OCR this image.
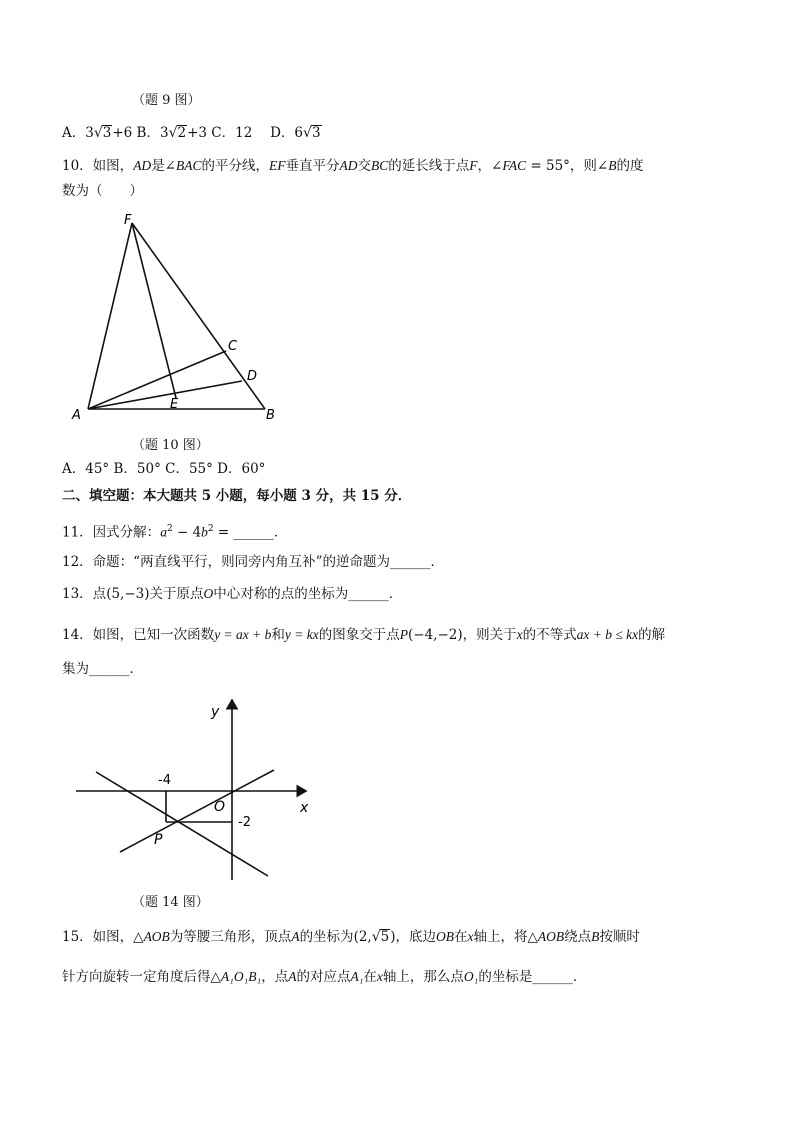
（题 9 图）
A．3√3+6 B．3√2+3 C．12 　D．6√3
10．如图，AD是∠BAC的平分线，EF垂直平分AD交BC的延长线于点F，∠FAC = 55°，则∠B的度
数为（　　）
F
C
D
A
E
B
（题 10 图）
A．45° B．50° C．55° D．60°
二、填空题：本大题共 5 小题，每小题 3 分，共 15 分．
11．因式分解：$a^2 - 4b^2$ = ______．
12．命题：“两直线平行，则同旁内角互补”的逆命题为______．
13．点(5,−3)关于原点O中心对称的点的坐标为______．
14．如图，已知一次函数y = ax + b和y = kx的图象交于点P(−4,−2)，则关于x的不等式ax + b ≤ kx的解
集为______．
y
x
-4
O
-2
P
（题 14 图）
15．如图，△AOB为等腰三角形，顶点A的坐标为(2,√5)，底边OB在x轴上，将△AOB绕点B按顺时
针方向旋转一定角度后得△A₁O₁B₁，点A的对应点A₁在x轴上，那么点O₁的坐标是______．
